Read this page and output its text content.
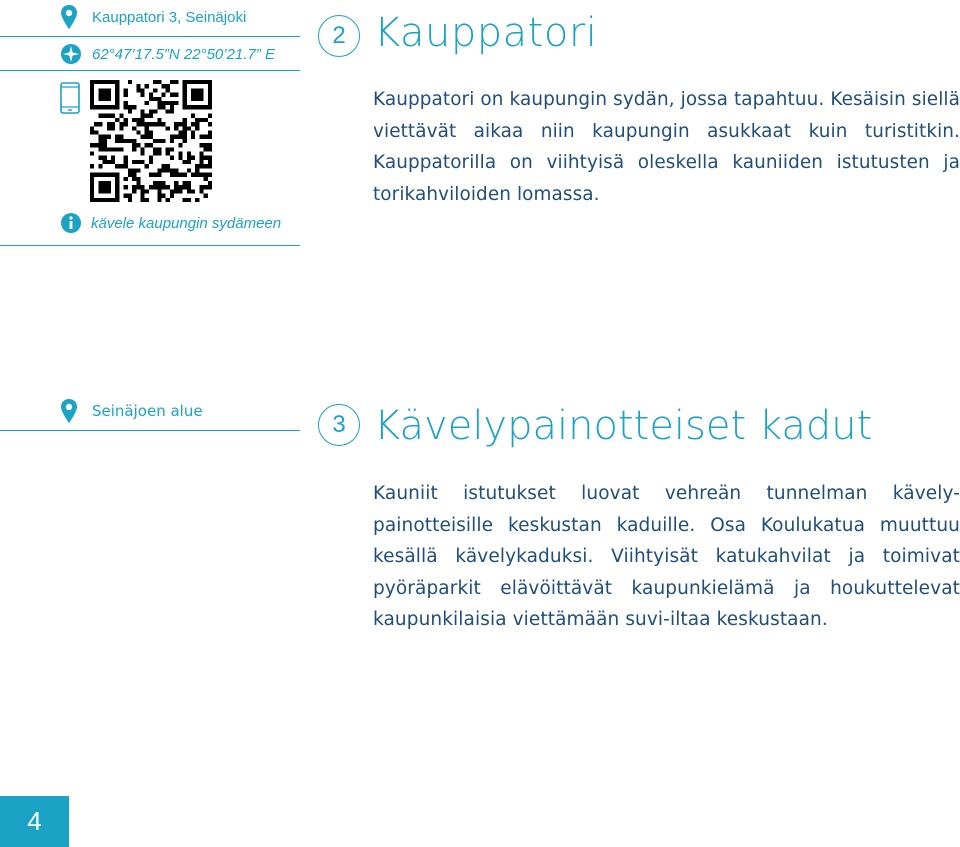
Kauppatori 3, Seinäjoki
62°47’17.5”N 22°50’21.7” E
kävele kaupungin sydämeen
2 Kauppatori
Kauppatori on kaupungin sydän, jossa tapahtuu. Kesäisin siellä viettävät aikaa niin kaupungin asukkaat kuin turistitkin. Kauppatorilla on viihtyisä oleskella kauniiden istutusten ja torikahviloiden lomassa.
Seinäjoen alue	3 Kävelypainotteiset kadut
Kauniit istutukset luovat vehreän tunnelman kävely-painotteisille keskustan kaduille. Osa Koulukatua muuttuu kesällä kävelykaduksi. Viihtyisät katukahvilat ja toimivat pyöräparkit elävöittävät kaupunkielämä ja houkuttelevat kaupunkilaisia viettämään suvi-iltaa keskustaan.
4
